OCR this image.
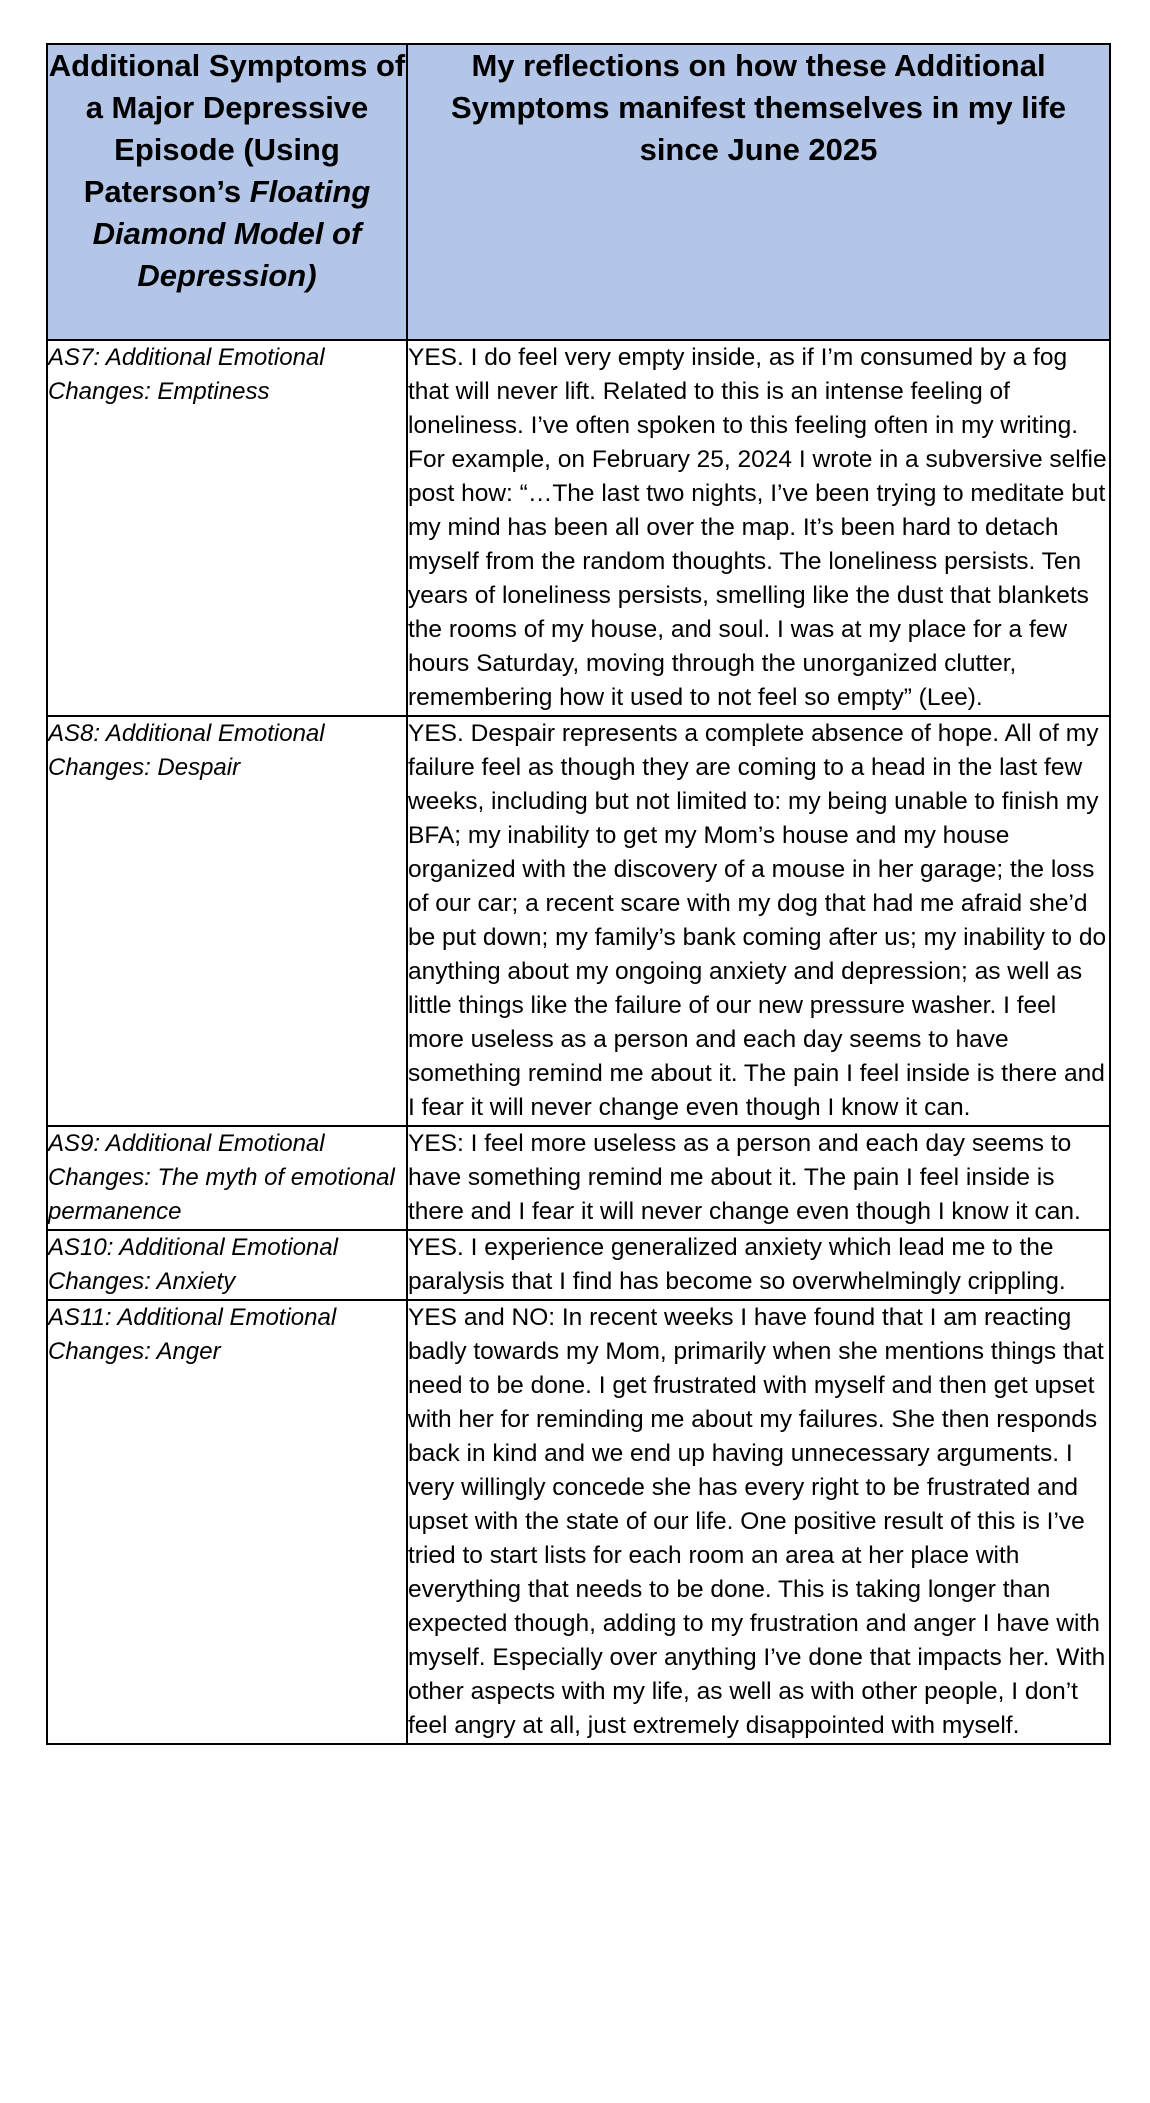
Additional Symptoms of a Major Depressive Episode (Using Paterson’s Floating Diamond Model of Depression)	My reflections on how these Additional Symptoms manifest themselves in my life since June 2025
AS7: Additional Emotional Changes: Emptiness	YES. I do feel very empty inside, as if I’m consumed by a fog that will never lift. Related to this is an intense feeling of loneliness. I’ve often spoken to this feeling often in my writing. For example, on February 25, 2024 I wrote in a subversive selfie post how: “…The last two nights, I’ve been trying to meditate but my mind has been all over the map. It’s been hard to detach myself from the random thoughts. The loneliness persists. Ten years of loneliness persists, smelling like the dust that blankets the rooms of my house, and soul. I was at my place for a few hours Saturday, moving through the unorganized clutter, remembering how it used to not feel so empty” (Lee).
AS8: Additional Emotional Changes: Despair	YES. Despair represents a complete absence of hope. All of my failure feel as though they are coming to a head in the last few weeks, including but not limited to: my being unable to finish my BFA; my inability to get my Mom’s house and my house organized with the discovery of a mouse in her garage; the loss of our car; a recent scare with my dog that had me afraid she’d be put down; my family’s bank coming after us; my inability to do anything about my ongoing anxiety and depression; as well as little things like the failure of our new pressure washer. I feel more useless as a person and each day seems to have something remind me about it. The pain I feel inside is there and I fear it will never change even though I know it can.
AS9: Additional Emotional Changes: The myth of emotional permanence	YES: I feel more useless as a person and each day seems to have something remind me about it. The pain I feel inside is there and I fear it will never change even though I know it can.
AS10: Additional Emotional Changes: Anxiety	YES. I experience generalized anxiety which lead me to the paralysis that I find has become so overwhelmingly crippling.
AS11: Additional Emotional Changes: Anger	YES and NO: In recent weeks I have found that I am reacting badly towards my Mom, primarily when she mentions things that need to be done. I get frustrated with myself and then get upset with her for reminding me about my failures. She then responds back in kind and we end up having unnecessary arguments. I very willingly concede she has every right to be frustrated and upset with the state of our life. One positive result of this is I’ve tried to start lists for each room an area at her place with everything that needs to be done. This is taking longer than expected though, adding to my frustration and anger I have with myself. Especially over anything I’ve done that impacts her. With other aspects with my life, as well as with other people, I don’t feel angry at all, just extremely disappointed with myself.
